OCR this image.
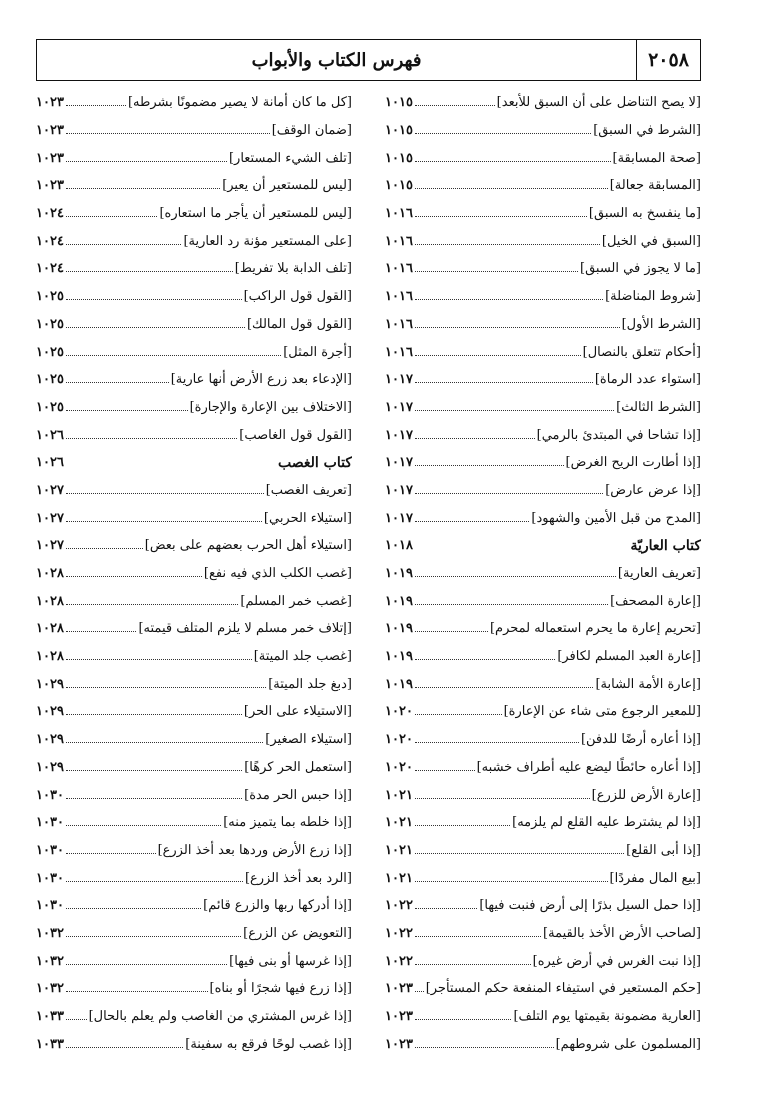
٢٠٥٨
فهرس الكتاب والأبواب
[لا يصح التناضل على أن السبق للأبعد]
١٠١٥
[الشرط في السبق]
١٠١٥
[صحة المسابقة]
١٠١٥
[المسابقة جعالة]
١٠١٥
[ما ينفسخ به السبق]
١٠١٦
[السبق في الخيل]
١٠١٦
[ما لا يجوز في السبق]
١٠١٦
[شروط المناضلة]
١٠١٦
[الشرط الأول]
١٠١٦
[أحكام تتعلق بالنصال]
١٠١٦
[استواء عدد الرماة]
١٠١٧
[الشرط الثالث]
١٠١٧
[إذا تشاحا في المبتدئ بالرمي]
١٠١٧
[إذا أطارت الريح الغرض]
١٠١٧
[إذا عرض عارض]
١٠١٧
[المدح من قبل الأمين والشهود]
١٠١٧
كتاب العاريّة
١٠١٨
[تعريف العارية]
١٠١٩
[إعارة المصحف]
١٠١٩
[تحريم إعارة ما يحرم استعماله لمحرم]
١٠١٩
[إعارة العبد المسلم لكافر]
١٠١٩
[إعارة الأمة الشابة]
١٠١٩
[للمعير الرجوع متى شاء عن الإعارة]
١٠٢٠
[إذا أعاره أرضًا للدفن]
١٠٢٠
[إذا أعاره حائطًا ليضع عليه أطراف خشبه]
١٠٢٠
[إعارة الأرض للزرع]
١٠٢١
[إذا لم يشترط عليه القلع لم يلزمه]
١٠٢١
[إذا أبى القلع]
١٠٢١
[بيع المال مفردًا]
١٠٢١
[إذا حمل السيل بذرًا إلى أرض فنبت فيها]
١٠٢٢
[لصاحب الأرض الأخذ بالقيمة]
١٠٢٢
[إذا نبت الغرس في أرض غيره]
١٠٢٢
[حكم المستعير في استيفاء المنفعة حكم المستأجر]
١٠٢٣
[العارية مضمونة بقيمتها يوم التلف]
١٠٢٣
[المسلمون على شروطهم]
١٠٢٣
[كل ما كان أمانة لا يصير مضمونًا بشرطه]
١٠٢٣
[ضمان الوقف]
١٠٢٣
[تلف الشيء المستعار]
١٠٢٣
[ليس للمستعير أن يعير]
١٠٢٣
[ليس للمستعير أن يأجر ما استعاره]
١٠٢٤
[على المستعير مؤنة رد العارية]
١٠٢٤
[تلف الدابة بلا تفريط]
١٠٢٤
[القول قول الراكب]
١٠٢٥
[القول قول المالك]
١٠٢٥
[أجرة المثل]
١٠٢٥
[الإدعاء بعد زرع الأرض أنها عارية]
١٠٢٥
[الاختلاف بين الإعارة والإجارة]
١٠٢٥
[القول قول الغاصب]
١٠٢٦
كتاب الغصب
١٠٢٦
[تعريف الغصب]
١٠٢٧
[استيلاء الحربي]
١٠٢٧
[استيلاء أهل الحرب بعضهم على بعض]
١٠٢٧
[غصب الكلب الذي فيه نفع]
١٠٢٨
[غصب خمر المسلم]
١٠٢٨
[إتلاف خمر مسلم لا يلزم المتلف قيمته]
١٠٢٨
[غصب جلد الميتة]
١٠٢٨
[دبغ جلد الميتة]
١٠٢٩
[الاستيلاء على الحر]
١٠٢٩
[استيلاء الصغير]
١٠٢٩
[استعمل الحر كرهًا]
١٠٢٩
[إذا حبس الحر مدة]
١٠٣٠
[إذا خلطه بما يتميز منه]
١٠٣٠
[إذا زرع الأرض وردها بعد أخذ الزرع]
١٠٣٠
[الرد بعد أخذ الزرع]
١٠٣٠
[إذا أدركها ربها والزرع قائم]
١٠٣٠
[التعويض عن الزرع]
١٠٣٢
[إذا غرسها أو بنى فيها]
١٠٣٢
[إذا زرع فيها شجرًا أو بناه]
١٠٣٢
[إذا غرس المشتري من الغاصب ولم يعلم بالحال]
١٠٣٣
[إذا غصب لوحًا فرقع به سفينة]
١٠٣٣
